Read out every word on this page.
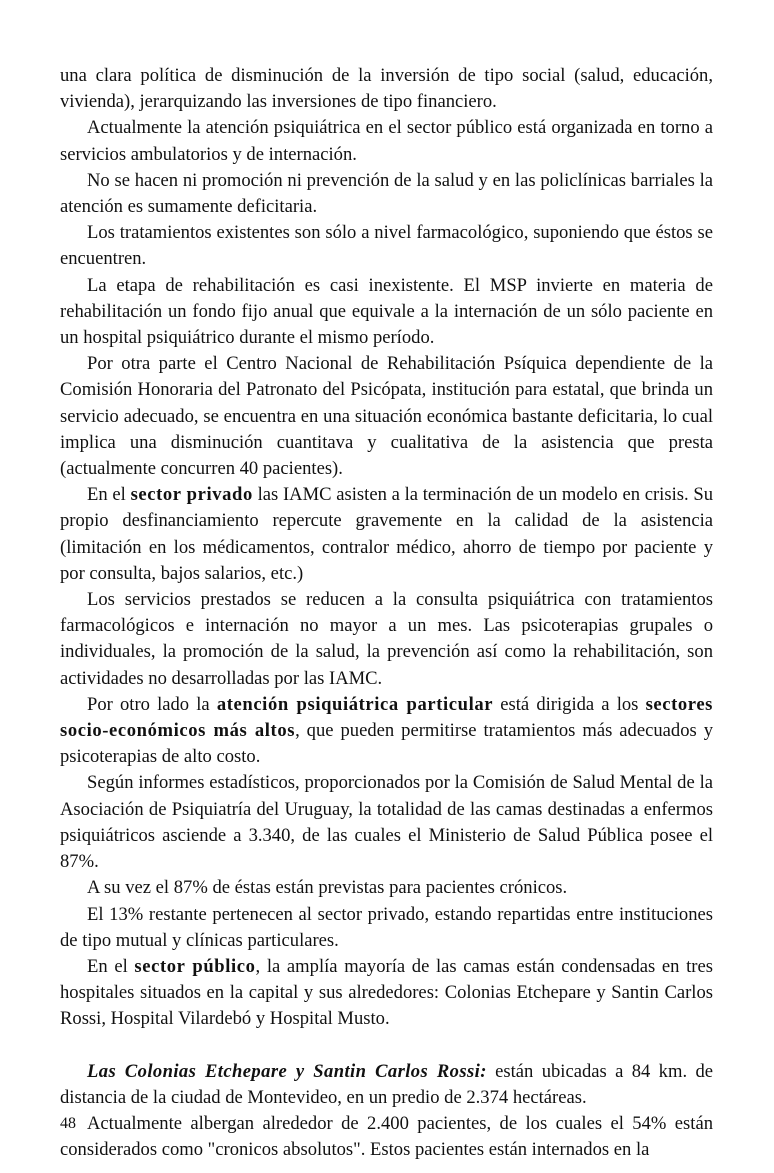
una clara política de disminución de la inversión de tipo social (salud, educación, vivienda), jerarquizando las inversiones de tipo financiero.

Actualmente la atención psiquiátrica en el sector público está organizada en torno a servicios ambulatorios y de internación.

No se hacen ni promoción ni prevención de la salud y en las policlínicas barriales la atención es sumamente deficitaria.

Los tratamientos existentes son sólo a nivel farmacológico, suponiendo que éstos se encuentren.

La etapa de rehabilitación es casi inexistente. El MSP invierte en materia de rehabilitación un fondo fijo anual que equivale a la internación de un sólo paciente en un hospital psiquiátrico durante el mismo período.

Por otra parte el Centro Nacional de Rehabilitación Psíquica dependiente de la Comisión Honoraria del Patronato del Psicópata, institución para estatal, que brinda un servicio adecuado, se encuentra en una situación económica bastante deficitaria, lo cual implica una disminución cuantitava y cualitativa de la asistencia que presta (actualmente concurren 40 pacientes).

En el sector privado las IAMC asisten a la terminación de un modelo en crisis. Su propio desfinanciamiento repercute gravemente en la calidad de la asistencia (limitación en los médicamentos, contralor médico, ahorro de tiempo por paciente y por consulta, bajos salarios, etc.)

Los servicios prestados se reducen a la consulta psiquiátrica con tratamientos farmacológicos e internación no mayor a un mes. Las psicoterapias grupales o individuales, la promoción de la salud, la prevención así como la rehabilitación, son actividades no desarrolladas por las IAMC.

Por otro lado la atención psiquiátrica particular está dirigida a los sectores socio-económicos más altos, que pueden permitirse tratamientos más adecuados y psicoterapias de alto costo.

Según informes estadísticos, proporcionados por la Comisión de Salud Mental de la Asociación de Psiquiatría del Uruguay, la totalidad de las camas destinadas a enfermos psiquiátricos asciende a 3.340, de las cuales el Ministerio de Salud Pública posee el 87%.

A su vez el 87% de éstas están previstas para pacientes crónicos.

El 13% restante pertenecen al sector privado, estando repartidas entre instituciones de tipo mutual y clínicas particulares.

En el sector público, la amplía mayoría de las camas están condensadas en tres hospitales situados en la capital y sus alrededores: Colonias Etchepare y Santin Carlos Rossi, Hospital Vilardebó y Hospital Musto.

Las Colonias Etchepare y Santin Carlos Rossi: están ubicadas a 84 km. de distancia de la ciudad de Montevideo, en un predio de 2.374 hectáreas.

Actualmente albergan alrededor de 2.400 pacientes, de los cuales el 54% están considerados como "cronicos absolutos". Estos pacientes están internados en la

48
